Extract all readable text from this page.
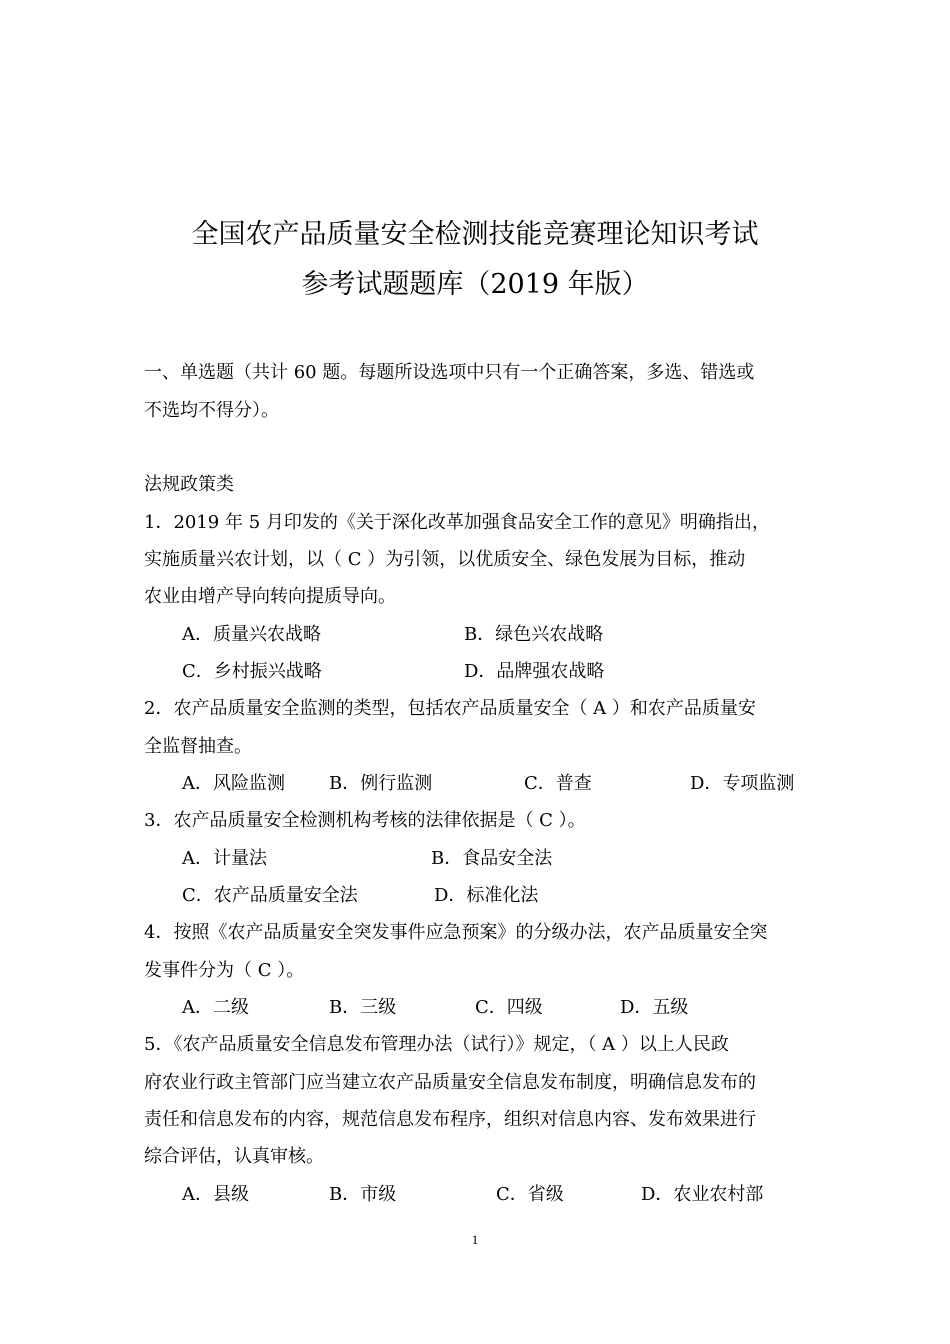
全国农产品质量安全检测技能竞赛理论知识考试
参考试题题库（2019 年版）
一、单选题（共计 60 题。每题所设选项中只有一个正确答案，多选、错选或
不选均不得分）。
法规政策类
1．2019 年 5 月印发的《关于深化改革加强食品安全工作的意见》明确指出，
实施质量兴农计划，以（ C ）为引领，以优质安全、绿色发展为目标，推动
农业由增产导向转向提质导向。
A．质量兴农战略	B．绿色兴农战略
C．乡村振兴战略	D．品牌强农战略
2．农产品质量安全监测的类型，包括农产品质量安全（ A ）和农产品质量安
全监督抽查。
A．风险监测 B．例行监测	C．普查	D．专项监测
3．农产品质量安全检测机构考核的法律依据是（ C ）。
A．计量法	B．食品安全法
C．农产品质量安全法	D．标准化法
4．按照《农产品质量安全突发事件应急预案》的分级办法，农产品质量安全突
发事件分为（ C ）。
A．二级	B．三级	C．四级	D．五级
5．《农产品质量安全信息发布管理办法（试行）》规定，（ A ）以上人民政
府农业行政主管部门应当建立农产品质量安全信息发布制度，明确信息发布的
责任和信息发布的内容，规范信息发布程序，组织对信息内容、发布效果进行
综合评估，认真审核。
A．县级	B．市级	C．省级	D．农业农村部
1
